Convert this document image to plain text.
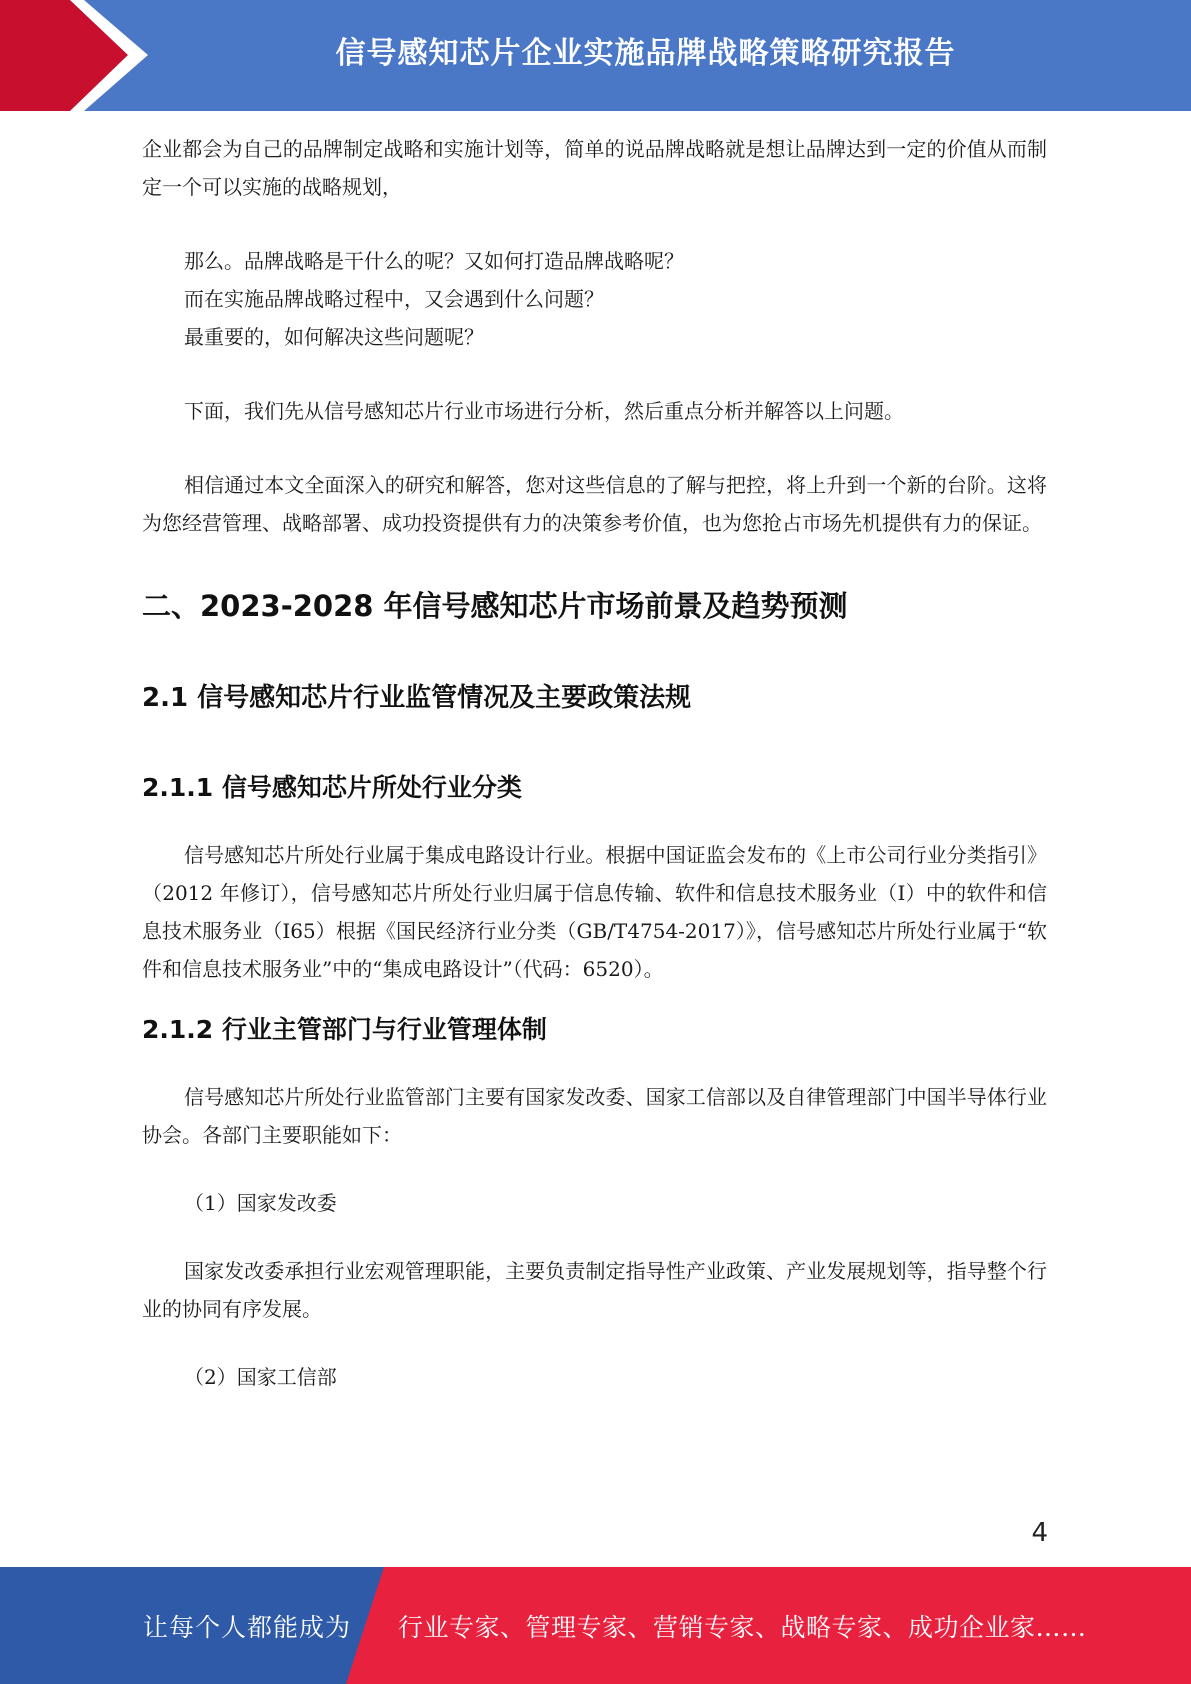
信号感知芯片企业实施品牌战略策略研究报告

企业都会为自己的品牌制定战略和实施计划等，简单的说品牌战略就是想让品牌达到一定的价值从而制定一个可以实施的战略规划，

那么。品牌战略是干什么的呢？又如何打造品牌战略呢？

而在实施品牌战略过程中，又会遇到什么问题？

最重要的，如何解决这些问题呢？

下面，我们先从信号感知芯片行业市场进行分析，然后重点分析并解答以上问题。

相信通过本文全面深入的研究和解答，您对这些信息的了解与把控，将上升到一个新的台阶。这将为您经营管理、战略部署、成功投资提供有力的决策参考价值，也为您抢占市场先机提供有力的保证。

二、2023-2028 年信号感知芯片市场前景及趋势预测
2.1 信号感知芯片行业监管情况及主要政策法规
2.1.1 信号感知芯片所处行业分类

信号感知芯片所处行业属于集成电路设计行业。根据中国证监会发布的《上市公司行业分类指引》（2012 年修订），信号感知芯片所处行业归属于信息传输、软件和信息技术服务业（I）中的软件和信息技术服务业（I65）根据《国民经济行业分类（GB/T4754-2017）》，信号感知芯片所处行业属于“软件和信息技术服务业”中的“集成电路设计”（代码：6520）。

2.1.2 行业主管部门与行业管理体制

信号感知芯片所处行业监管部门主要有国家发改委、国家工信部以及自律管理部门中国半导体行业协会。各部门主要职能如下：

（1）国家发改委

国家发改委承担行业宏观管理职能，主要负责制定指导性产业政策、产业发展规划等，指导整个行业的协同有序发展。

（2）国家工信部

4
让每个人都能成为 行业专家、管理专家、营销专家、战略专家、成功企业家……
